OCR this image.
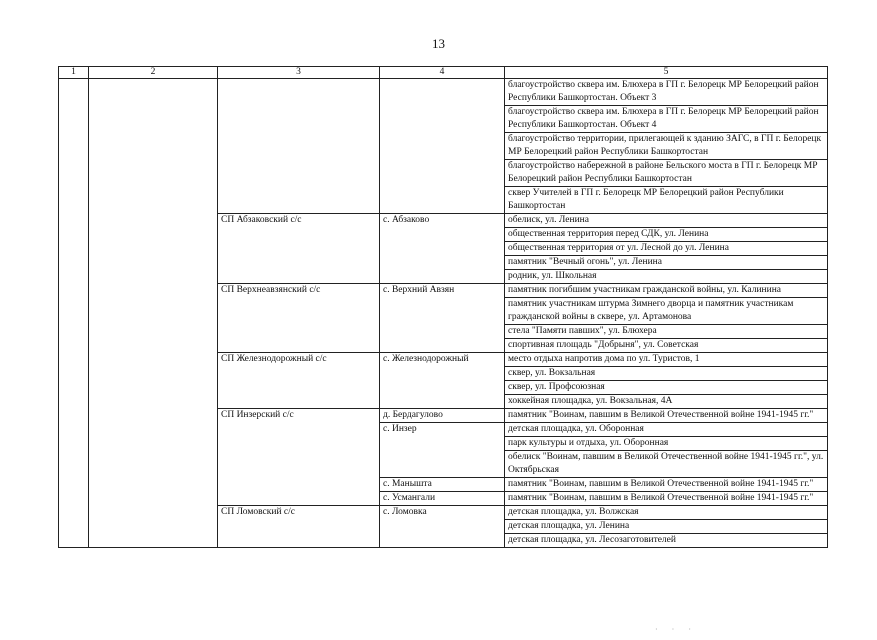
13
1	2	3	4	5
				благоустройство сквера им. Блюхера в ГП г. Белорецк МР Белорецкий район Республики Башкортостан. Объект 3
				благоустройство сквера им. Блюхера в ГП г. Белорецк МР Белорецкий район Республики Башкортостан. Объект 4
				благоустройство территории, прилегающей к зданию ЗАГС, в ГП г. Белорецк МР Белорецкий район Республики Башкортостан
				благоустройство набережной в районе Бельского моста в ГП г. Белорецк МР Белорецкий район Республики Башкортостан
				сквер Учителей в ГП г. Белорецк МР Белорецкий район Республики Башкортостан
		СП Абзаковский с/с	с. Абзаково	обелиск, ул. Ленина
				общественная территория перед СДК, ул. Ленина
				общественная территория от ул. Лесной до ул. Ленина
				памятник "Вечный огонь", ул. Ленина
				родник, ул. Школьная
		СП Верхнеавзянский с/с	с. Верхний Авзян	памятник погибшим участникам гражданской войны, ул. Калинина
				памятник участникам штурма Зимнего дворца и памятник участникам гражданской войны в сквере, ул. Артамонова
				стела "Памяти павших", ул. Блюхера
				спортивная площадь "Добрыня", ул. Советская
		СП Железнодорожный с/с	с. Железнодорожный	место отдыха напротив дома по ул. Туристов, 1
				сквер, ул. Вокзальная
				сквер, ул. Профсоюзная
				хоккейная площадка, ул. Вокзальная, 4А
		СП Инзерский с/с	д. Бердагулово	памятник "Воинам, павшим в Великой Отечественной войне 1941-1945 гг."
			с. Инзер	детская площадка, ул. Оборонная
				парк культуры и отдыха, ул. Оборонная
				обелиск "Воинам, павшим в Великой Отечественной войне 1941-1945 гг.", ул. Октябрьская
			с. Манышта	памятник "Воинам, павшим в Великой Отечественной войне 1941-1945 гг."
			с. Усмангали	памятник "Воинам, павшим в Великой Отечественной войне 1941-1945 гг."
		СП Ломовский с/с	с. Ломовка	детская площадка, ул. Волжская
				детская площадка, ул. Ленина
				детская площадка, ул. Лесозаготовителей
· · ·
